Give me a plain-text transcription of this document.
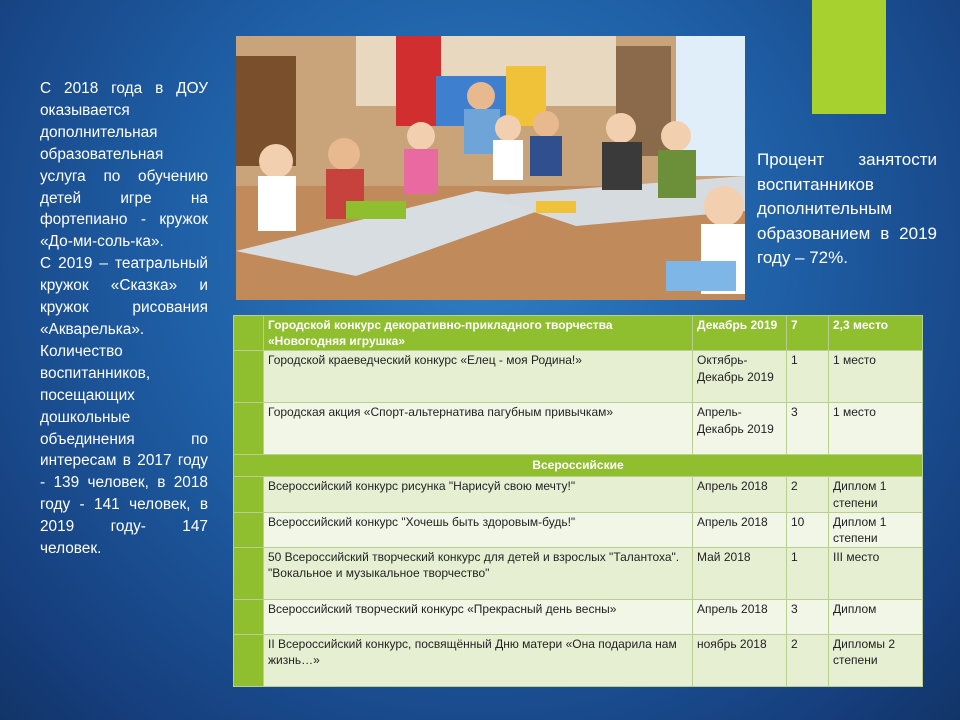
С 2018 года в ДОУ оказывается дополнительная образовательная услуга по обучению детей игре на фортепиано - кружок «До-ми-соль-ка».

С 2019 – театральный кружок «Сказка» и кружок рисования «Акварелька».

Количество воспитанников, посещающих дошкольные объединения по интересам в 2017 году - 139 человек, в 2018 году - 141 человек, в 2019 году- 147 человек.

Процент занятости воспитанников дополнительным образованием в 2019 году – 72%.
	Городской конкурс декоративно-прикладного творчества «Новогодняя игрушка»	Декабрь 2019	7	2,3 место
	Городской краеведческий конкурс «Елец - моя Родина!»	Октябрь-Декабрь 2019	1	1 место
	Городская акция «Спорт-альтернатива пагубным привычкам»	Апрель-Декабрь 2019	3	1 место
Всероссийские				
	Всероссийский конкурс рисунка "Нарисуй свою мечту!"	Апрель 2018	2	Диплом 1 степени
	Всероссийский конкурс "Хочешь быть здоровым-будь!"	Апрель 2018	10	Диплом 1 степени
	50 Всероссийский творческий конкурс для детей и взрослых "Талантоха". "Вокальное и музыкальное творчество"	Май 2018	1	III место
	Всероссийский творческий конкурс «Прекрасный день весны»	Апрель 2018	3	Диплом
	II Всероссийский конкурс, посвящённый Дню матери «Она подарила нам жизнь…»	ноябрь 2018	2	Дипломы 2 степени
